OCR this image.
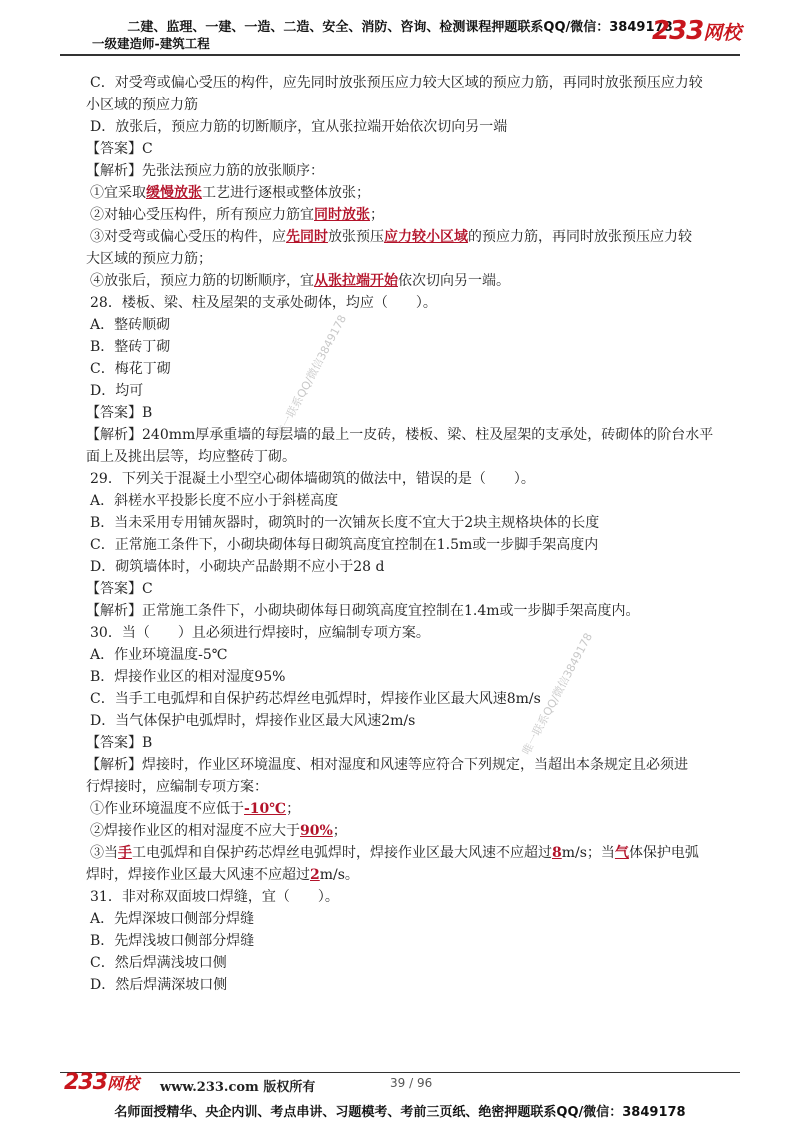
二建、监理、一建、一造、二造、安全、消防、咨询、检测课程押题联系QQ/微信：3849178
一级建造师-建筑工程	233网校
唯一联系QQ/微信3849178
唯一联系QQ/微信3849178

C．对受弯或偏心受压的构件，应先同时放张预压应力较大区域的预应力筋，再同时放张预压应力较

小区域的预应力筋

D．放张后，预应力筋的切断顺序，宜从张拉端开始依次切向另一端

【答案】C

【解析】先张法预应力筋的放张顺序：

①宜采取缓慢放张工艺进行逐根或整体放张；

②对轴心受压构件，所有预应力筋宜同时放张；

③对受弯或偏心受压的构件，应先同时放张预压应力较小区域的预应力筋，再同时放张预压应力较

大区域的预应力筋；

④放张后，预应力筋的切断顺序，宜从张拉端开始依次切向另一端。

28．楼板、梁、柱及屋架的支承处砌体，均应（　　）。

A．整砖顺砌

B．整砖丁砌

C．梅花丁砌

D．均可

【答案】B

【解析】240mm厚承重墙的每层墙的最上一皮砖，楼板、梁、柱及屋架的支承处，砖砌体的阶台水平

面上及挑出层等，均应整砖丁砌。

29．下列关于混凝土小型空心砌体墙砌筑的做法中，错误的是（　　）。

A．斜槎水平投影长度不应小于斜槎高度

B．当未采用专用铺灰器时，砌筑时的一次铺灰长度不宜大于2块主规格块体的长度

C．正常施工条件下，小砌块砌体每日砌筑高度宜控制在1.5m或一步脚手架高度内

D．砌筑墙体时，小砌块产品龄期不应小于28 d

【答案】C

【解析】正常施工条件下，小砌块砌体每日砌筑高度宜控制在1.4m或一步脚手架高度内。

30．当（　　）且必须进行焊接时，应编制专项方案。

A．作业环境温度-5℃

B．焊接作业区的相对湿度95%

C．当手工电弧焊和自保护药芯焊丝电弧焊时，焊接作业区最大风速8m/s

D．当气体保护电弧焊时，焊接作业区最大风速2m/s

【答案】B

【解析】焊接时，作业区环境温度、相对湿度和风速等应符合下列规定，当超出本条规定且必须进

行焊接时，应编制专项方案：

①作业环境温度不应低于-10℃；

②焊接作业区的相对湿度不应大于90%；

③当手工电弧焊和自保护药芯焊丝电弧焊时，焊接作业区最大风速不应超过8m/s；当气体保护电弧

焊时，焊接作业区最大风速不应超过2m/s。

31．非对称双面坡口焊缝，宜（　　）。

A．先焊深坡口侧部分焊缝

B．先焊浅坡口侧部分焊缝

C．然后焊满浅坡口侧

D．然后焊满深坡口侧

233网校 www.233.com 版权所有	39 / 96
名师面授精华、央企内训、考点串讲、习题模考、考前三页纸、绝密押题联系QQ/微信：3849178
